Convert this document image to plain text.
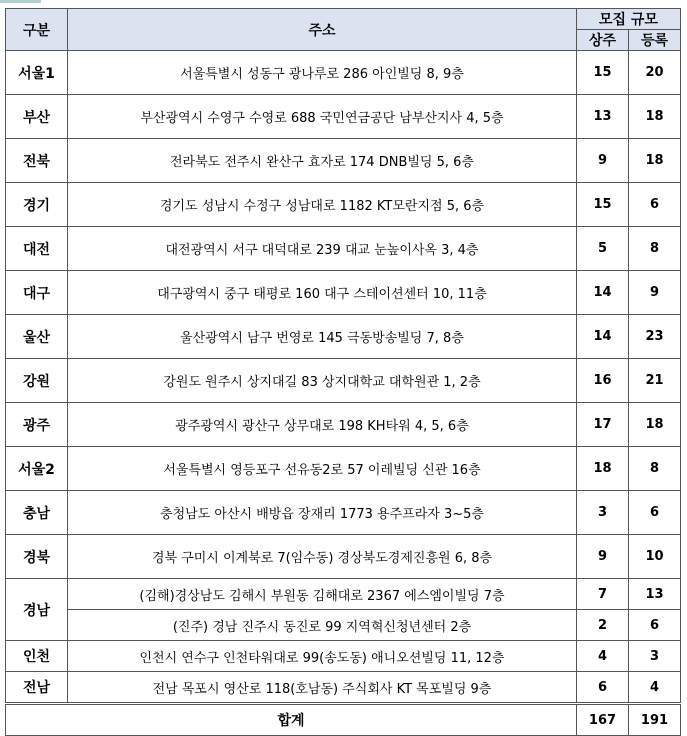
구분	주소	모집 규모	
		상주	등록
서울1	서울특별시 성동구 광나루로 286 아인빌딩 8, 9층	15	20
부산	부산광역시 수영구 수영로 688 국민연금공단 남부산지사 4, 5층	13	18
전북	전라북도 전주시 완산구 효자로 174 DNB빌딩 5, 6층	9	18
경기	경기도 성남시 수정구 성남대로 1182 KT모란지점 5, 6층	15	6
대전	대전광역시 서구 대덕대로 239 대교 눈높이사옥 3, 4층	5	8
대구	대구광역시 중구 태평로 160 대구 스테이션센터 10, 11층	14	9
울산	울산광역시 남구 번영로 145 극동방송빌딩 7, 8층	14	23
강원	강원도 원주시 상지대길 83 상지대학교 대학원관 1, 2층	16	21
광주	광주광역시 광산구 상무대로 198 KH타워 4, 5, 6층	17	18
서울2	서울특별시 영등포구 선유동2로 57 이레빌딩 신관 16층	18	8
충남	충청남도 아산시 배방읍 장재리 1773 용주프라자 3~5층	3	6
경북	경북 구미시 이계북로 7(임수동) 경상북도경제진흥원 6, 8층	9	10
경남	(김해)경상남도 김해시 부원동 김해대로 2367 에스엠이빌딩 7층	7	13
	(진주) 경남 진주시 동진로 99 지역혁신청년센터 2층	2	6
인천	인천시 연수구 인천타워대로 99(송도동) 애니오션빌딩 11, 12층	4	3
전남	전남 목포시 영산로 118(호남동) 주식회사 KT 목포빌딩 9층	6	4
합계		167	191
